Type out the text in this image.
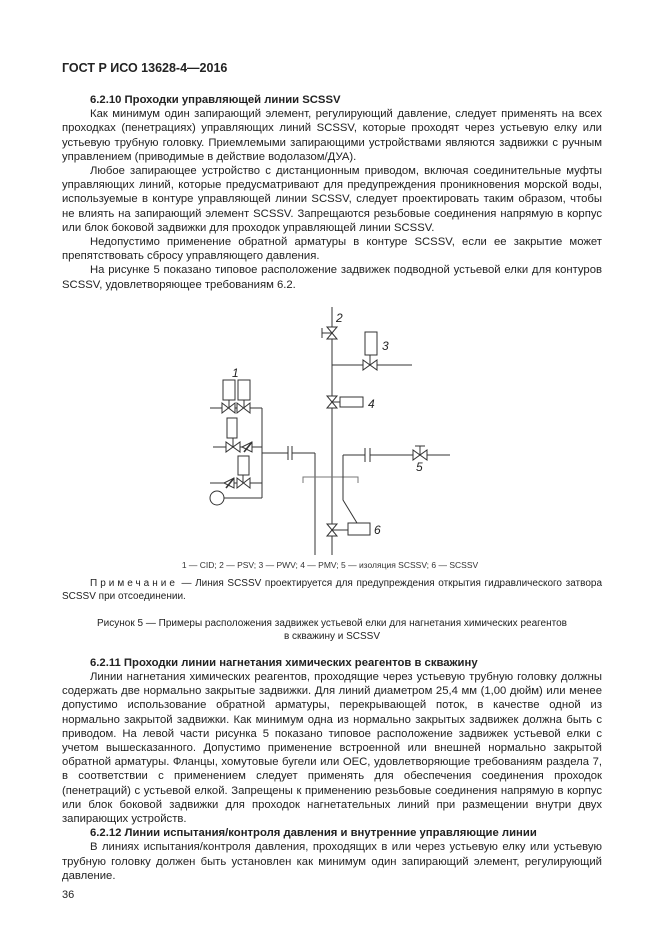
ГОСТ Р ИСО 13628-4—2016
6.2.10 Проходки управляющей линии SCSSV

Как минимум один запирающий элемент, регулирующий давление, следует применять на всех проходках (пенетрациях) управляющих линий SCSSV, которые проходят через устьевую елку или устьевую трубную головку. Приемлемыми запирающими устройствами являются задвижки с ручным управлением (приводимые в действие водолазом/ДУА).

Любое запирающее устройство с дистанционным приводом, включая соединительные муфты управляющих линий, которые предусматривают для предупреждения проникновения морской воды, используемые в контуре управляющей линии SCSSV, следует проектировать таким образом, чтобы не влиять на запирающий элемент SCSSV. Запрещаются резьбовые соединения напрямую в корпус или блок боковой задвижки для проходок управляющей линии SCSSV.

Недопустимо применение обратной арматуры в контуре SCSSV, если ее закрытие может препятствовать сбросу управляющего давления.

На рисунке 5 показано типовое расположение задвижек подводной устьевой елки для контуров SCSSV, удовлетворяющее требованиям 6.2.

1
2
3
4
5
6
1 — CID; 2 — PSV; 3 — PWV; 4 — PMV; 5 — изоляция SCSSV; 6 — SCSSV
Примечание — Линия SCSSV проектируется для предупреждения открытия гидравлического затвора SCSSV при отсоединении.
Рисунок 5 — Примеры расположения задвижек устьевой елки для нагнетания химических реагентов
в скважину и SCSSV
6.2.11 Проходки линии нагнетания химических реагентов в скважину

Линии нагнетания химических реагентов, проходящие через устьевую трубную головку должны содержать две нормально закрытые задвижки. Для линий диаметром 25,4 мм (1,00 дюйм) или менее допустимо использование обратной арматуры, перекрывающей поток, в качестве одной из нормально закрытой задвижки. Как минимум одна из нормально закрытых задвижек должна быть с приводом. На левой части рисунка 5 показано типовое расположение задвижек устьевой елки с учетом вышесказанного. Допустимо применение встроенной или внешней нормально закрытой обратной арматуры. Фланцы, хомутовые бугели или ОЕС, удовлетворяющие требованиям раздела 7, в соответствии с применением следует применять для обеспечения соединения проходок (пенетраций) с устьевой елкой. Запрещены к применению резьбовые соединения напрямую в корпус или блок боковой задвижки для проходок нагнетательных линий при размещении внутри двух запирающих устройств.

6.2.12 Линии испытания/контроля давления и внутренние управляющие линии

В линиях испытания/контроля давления, проходящих в или через устьевую елку или устьевую трубную головку должен быть установлен как минимум один запирающий элемент, регулирующий давление.

36
